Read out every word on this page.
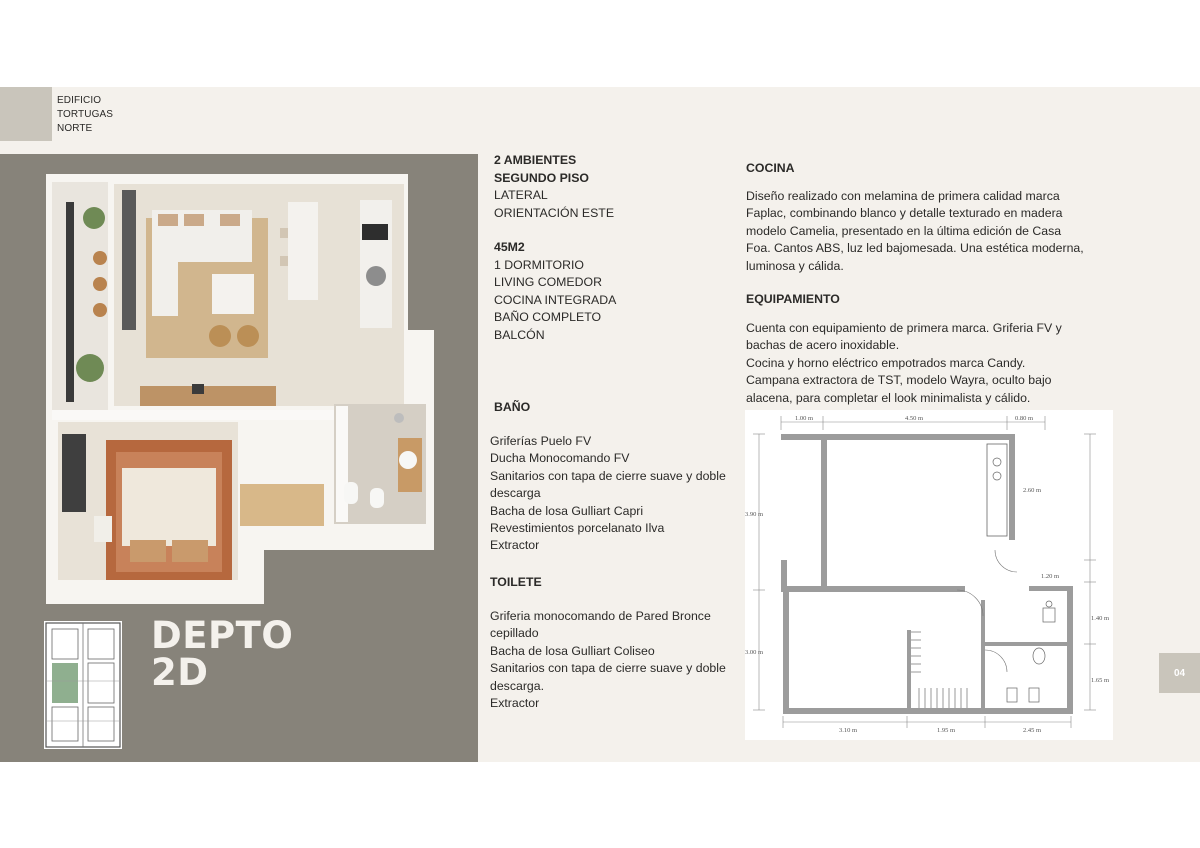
EDIFICIO
TORTUGAS
NORTE
DEPTO
2D
2 AMBIENTES
SEGUNDO PISO
LATERAL
ORIENTACIÓN ESTE
45M2
1 DORMITORIO
LIVING COMEDOR
COCINA INTEGRADA
BAÑO COMPLETO
BALCÓN
BAÑO
Griferías Puelo FV
Ducha Monocomando FV
Sanitarios con tapa de cierre suave y doble
descarga
Bacha de losa Gulliart Capri
Revestimientos porcelanato Ilva
Extractor
TOILETE
Griferia monocomando de Pared Bronce
cepillado
Bacha de losa Gulliart Coliseo
Sanitarios con tapa de cierre suave y doble
descarga.
Extractor
COCINA
Diseño realizado con melamina de primera calidad marca
Faplac, combinando blanco y detalle texturado en madera
modelo Camelia, presentado en la última edición de Casa
Foa. Cantos ABS, luz led bajomesada. Una estética moderna,
luminosa y cálida.
EQUIPAMIENTO
Cuenta con equipamiento de primera marca. Griferia FV y
bachas de acero inoxidable.
Cocina y horno eléctrico empotrados marca Candy.
Campana extractora de TST, modelo Wayra, oculto bajo
alacena, para completar el look minimalista y cálido.
1.00 m	4.50 m	0.80 m
3.90 m
3.00 m
2.60 m
1.20 m
1.40 m
1.65 m
3.10 m	1.95 m	2.45 m
04
